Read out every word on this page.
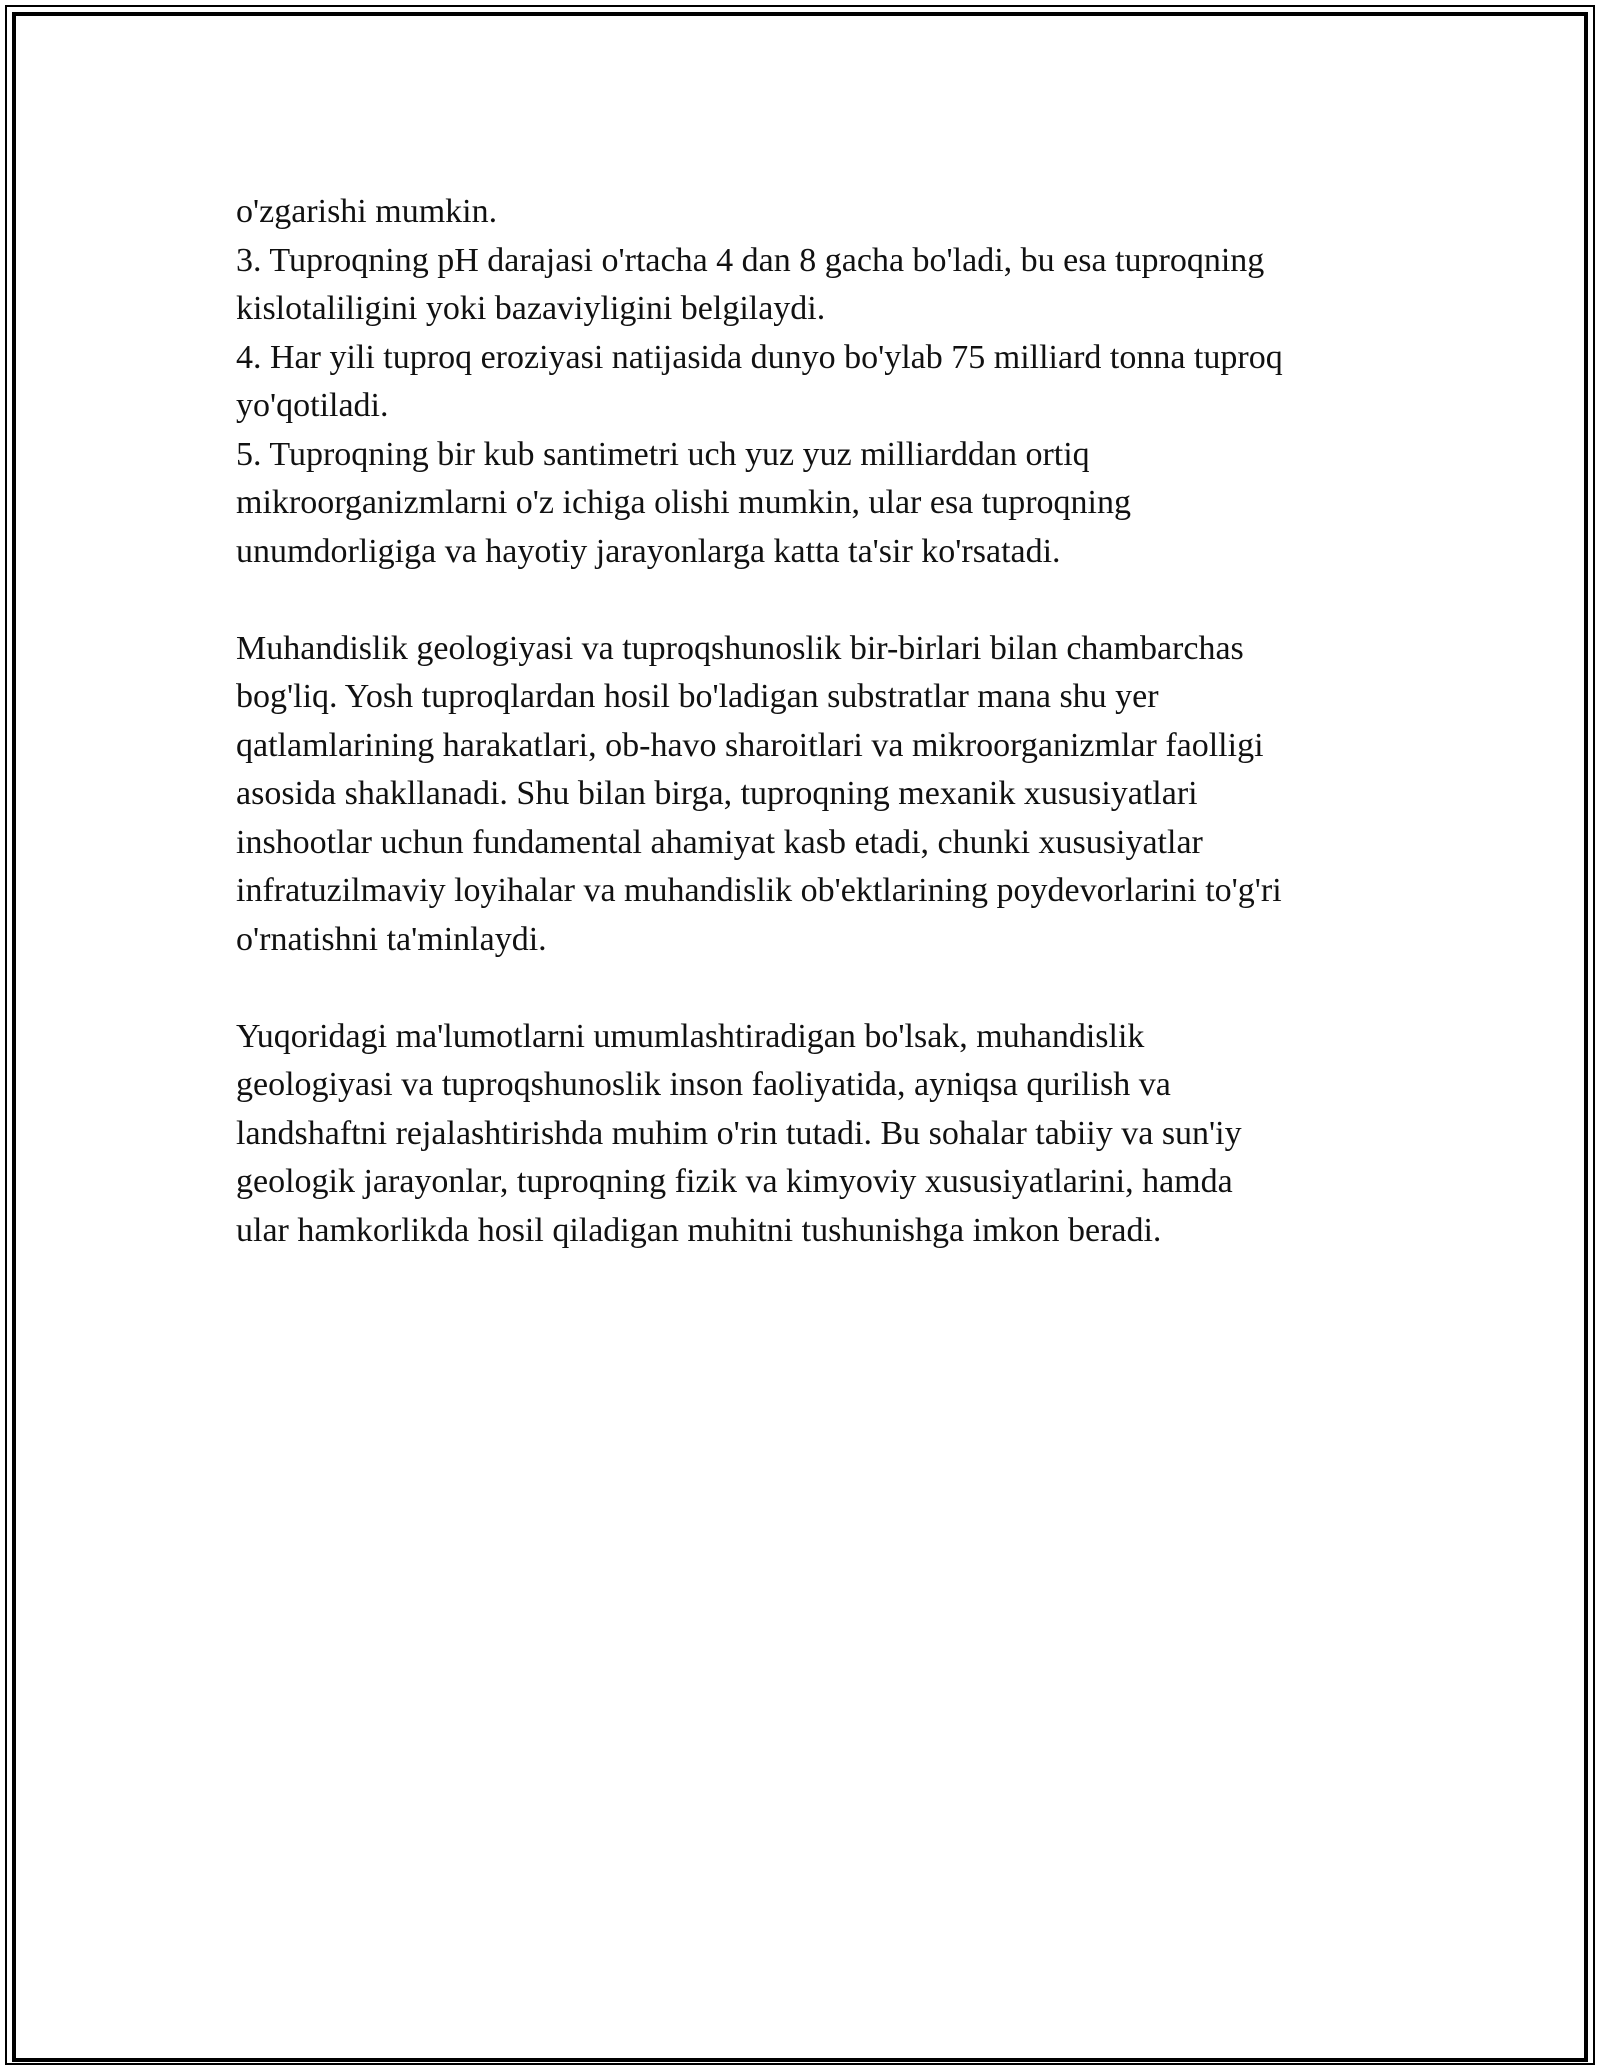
o'zgarishi mumkin.
3. Tuproqning pH darajasi o'rtacha 4 dan 8 gacha bo'ladi, bu esa tuproqning
kislotaliligini yoki bazaviyligini belgilaydi.
4. Har yili tuproq eroziyasi natijasida dunyo bo'ylab 75 milliard tonna tuproq
yo'qotiladi.
5. Tuproqning bir kub santimetri uch yuz yuz milliarddan ortiq
mikroorganizmlarni o'z ichiga olishi mumkin, ular esa tuproqning
unumdorligiga va hayotiy jarayonlarga katta ta'sir ko'rsatadi.
Muhandislik geologiyasi va tuproqshunoslik bir-birlari bilan chambarchas
bog'liq. Yosh tuproqlardan hosil bo'ladigan substratlar mana shu yer
qatlamlarining harakatlari, ob-havo sharoitlari va mikroorganizmlar faolligi
asosida shakllanadi. Shu bilan birga, tuproqning mexanik xususiyatlari
inshootlar uchun fundamental ahamiyat kasb etadi, chunki xususiyatlar
infratuzilmaviy loyihalar va muhandislik ob'ektlarining poydevorlarini to'g'ri
o'rnatishni ta'minlaydi.
Yuqoridagi ma'lumotlarni umumlashtiradigan bo'lsak, muhandislik
geologiyasi va tuproqshunoslik inson faoliyatida, ayniqsa qurilish va
landshaftni rejalashtirishda muhim o'rin tutadi. Bu sohalar tabiiy va sun'iy
geologik jarayonlar, tuproqning fizik va kimyoviy xususiyatlarini, hamda
ular hamkorlikda hosil qiladigan muhitni tushunishga imkon beradi.
